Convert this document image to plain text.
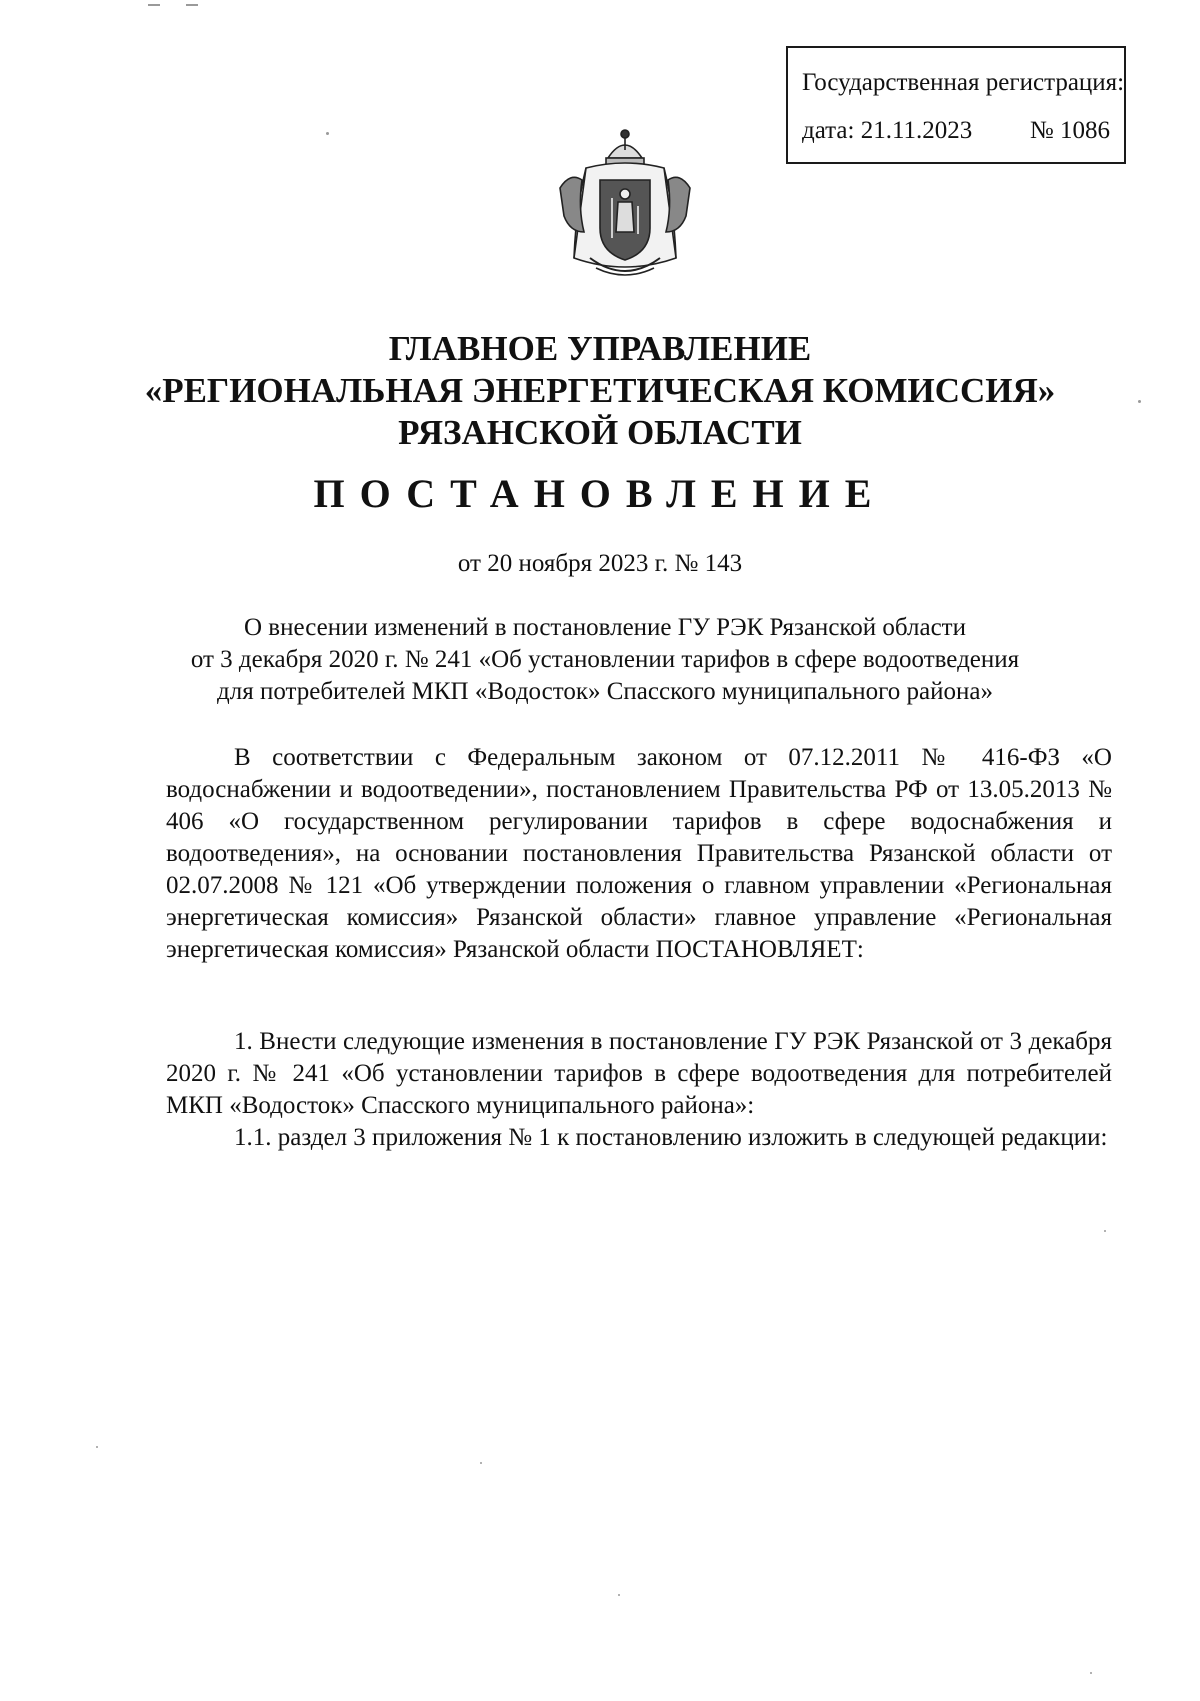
Государственная регистрация:
дата: 21.11.2023 № 1086
ГЛАВНОЕ УПРАВЛЕНИЕ
«РЕГИОНАЛЬНАЯ ЭНЕРГЕТИЧЕСКАЯ КОМИССИЯ»
РЯЗАНСКОЙ ОБЛАСТИ
ПОСТАНОВЛЕНИЕ
от 20 ноября 2023 г. № 143
О внесении изменений в постановление ГУ РЭК Рязанской области
от 3 декабря 2020 г. № 241 «Об установлении тарифов в сфере водоотведения
для потребителей МКП «Водосток» Спасского муниципального района»

В соответствии с Федеральным законом от 07.12.2011 № 416-ФЗ «О водоснабжении и водоотведении», постановлением Правительства РФ от 13.05.2013 № 406 «О государственном регулировании тарифов в сфере водоснабжения и водоотведения», на основании постановления Правительства Рязанской области от 02.07.2008 № 121 «Об утверждении положения о главном управлении «Региональная энергетическая комиссия» Рязанской области» главное управление «Региональная энергетическая комиссия» Рязанской области ПОСТАНОВЛЯЕТ:

1. Внести следующие изменения в постановление ГУ РЭК Рязанской от 3 декабря 2020 г. № 241 «Об установлении тарифов в сфере водоотведения для потребителей МКП «Водосток» Спасского муниципального района»:

1.1. раздел 3 приложения № 1 к постановлению изложить в следующей редакции:
